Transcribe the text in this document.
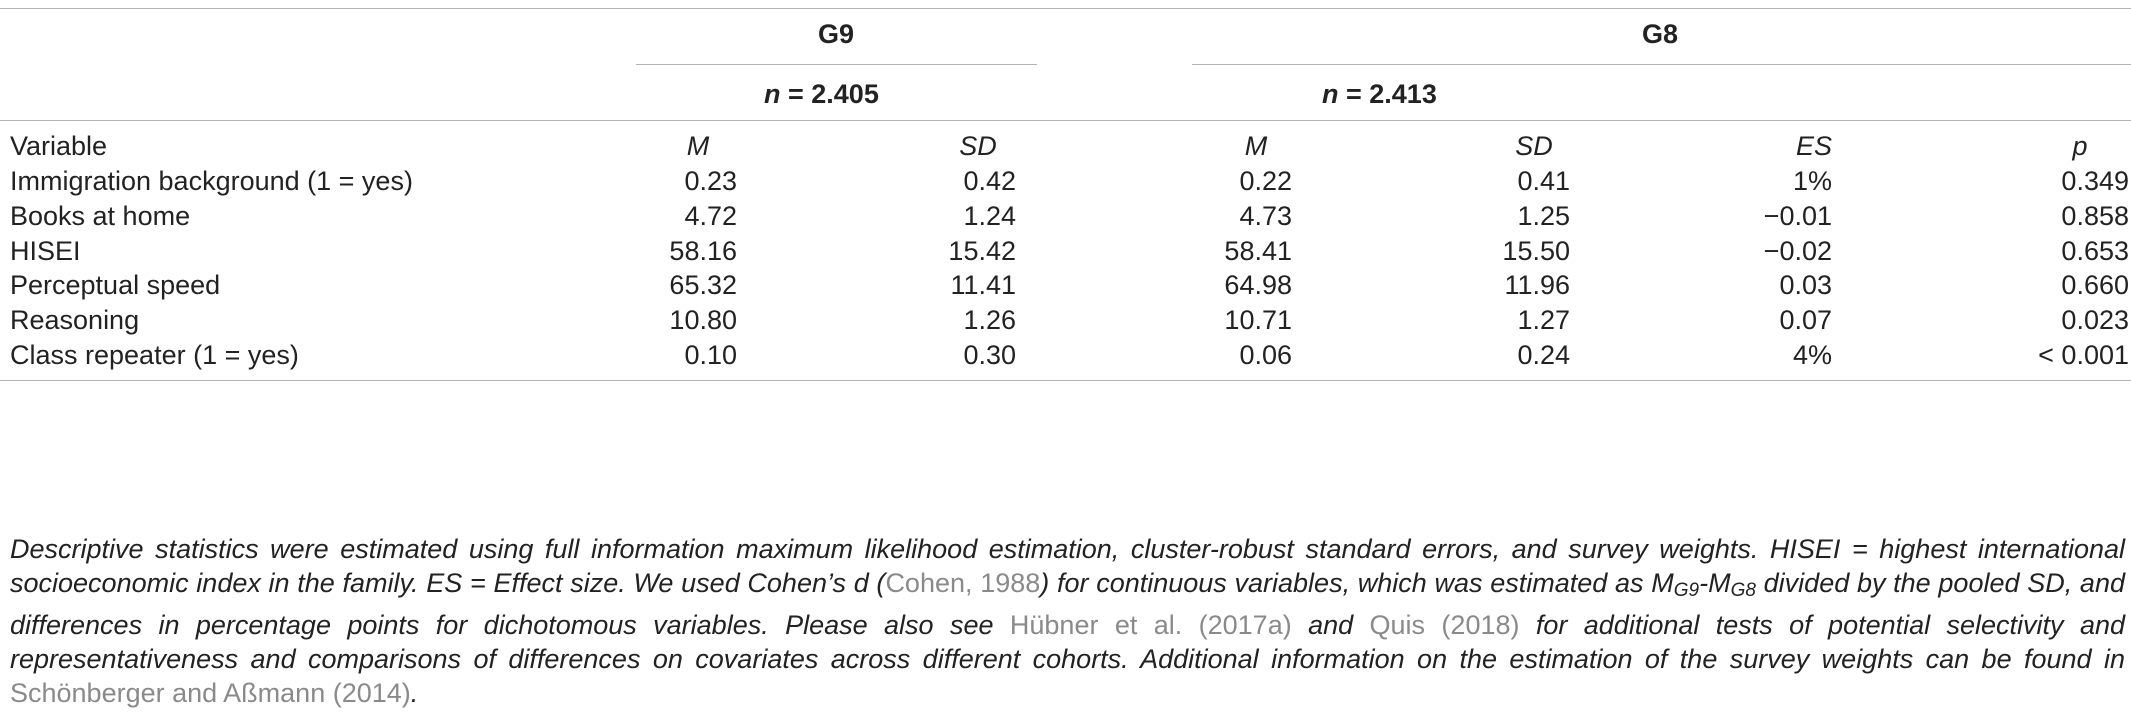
G9	G8
n = 2.405	n = 2.413
Variable	M	SD	M	SD	ES	p
Immigration background (1 = yes)	0.23	0.42	0.22	0.41	1%	0.349
Books at home	4.72	1.24	4.73	1.25	−0.01	0.858
HISEI	58.16	15.42	58.41	15.50	−0.02	0.653
Perceptual speed	65.32	11.41	64.98	11.96	0.03	0.660
Reasoning	10.80	1.26	10.71	1.27	0.07	0.023
Class repeater (1 = yes)	0.10	0.30	0.06	0.24	4%	< 0.001
Descriptive statistics were estimated using full information maximum likelihood estimation, cluster-robust standard errors, and survey weights. HISEI = highest international socioeconomic index in the family. ES = Effect size. We used Cohen’s d (Cohen, 1988) for continuous variables, which was estimated as $M_{G9}-M_{G8}$ divided by the pooled SD, and differences in percentage points for dichotomous variables. Please also see Hübner et al. (2017a) and Quis (2018) for additional tests of potential selectivity and representativeness and comparisons of differences on covariates across different cohorts. Additional information on the estimation of the survey weights can be found in Schönberger and Aßmann (2014).
